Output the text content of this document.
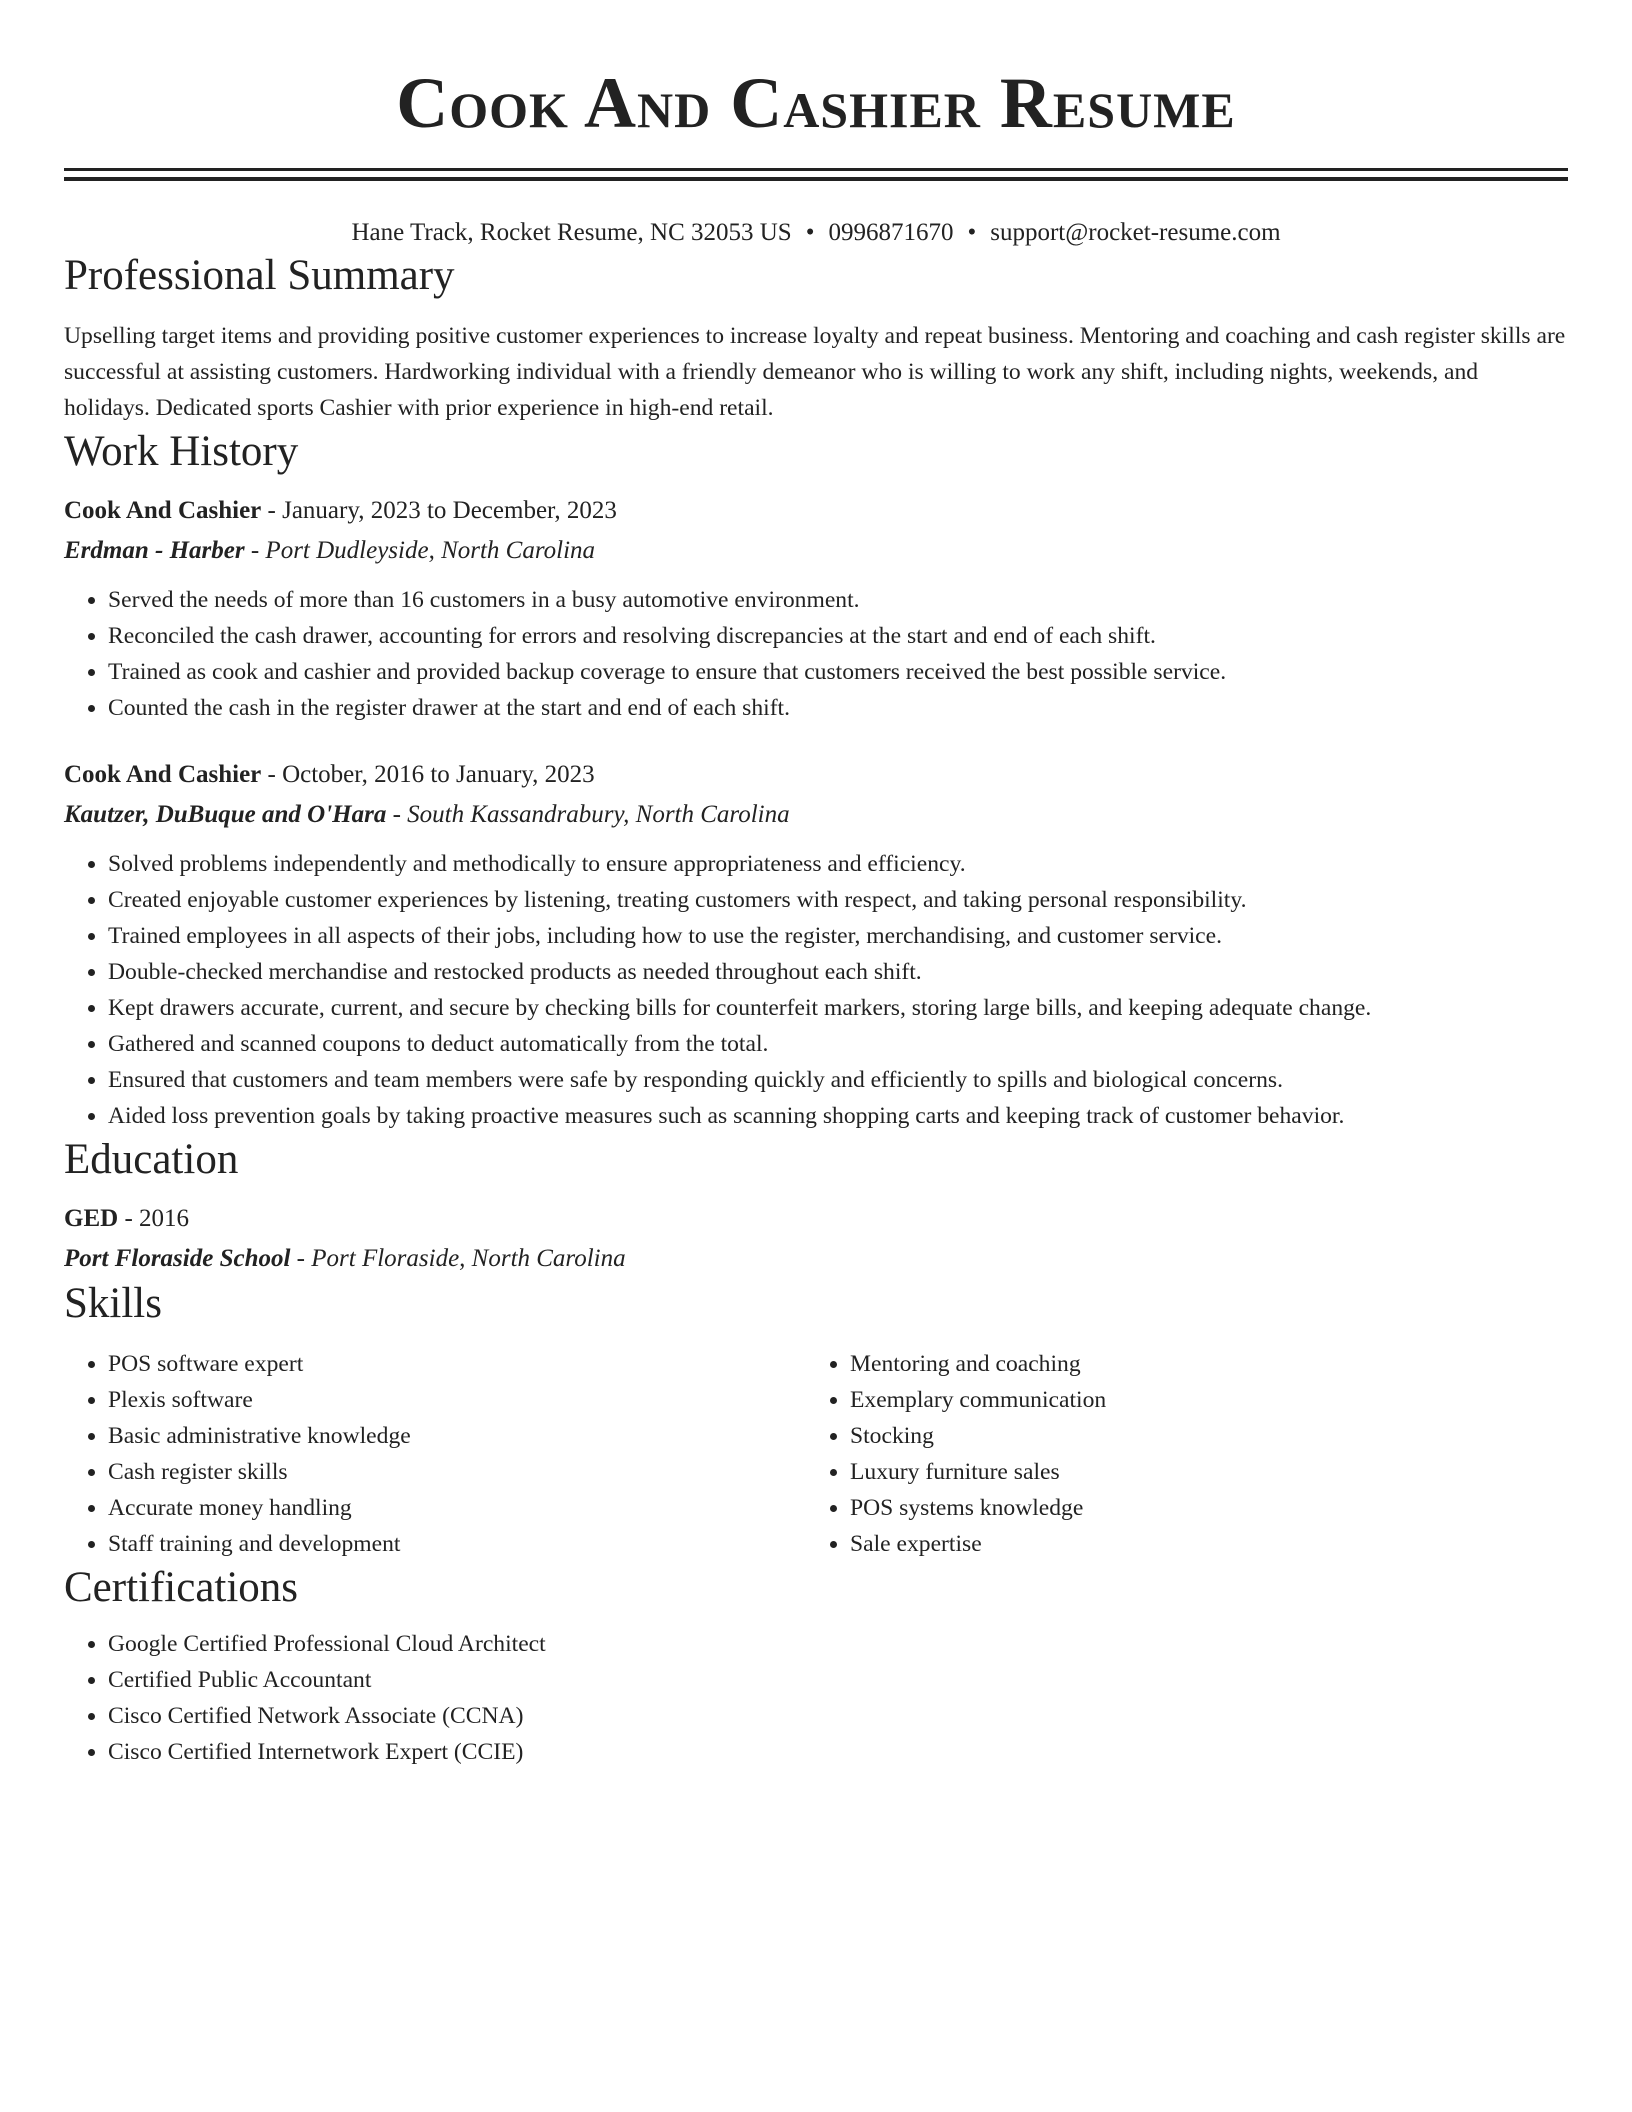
Cook And Cashier Resume
Hane Track, Rocket Resume, NC 32053 US • 0996871670 • support@rocket-resume.com
Professional Summary

Upselling target items and providing positive customer experiences to increase loyalty and repeat business. Mentoring and coaching and cash register skills are successful at assisting customers. Hardworking individual with a friendly demeanor who is willing to work any shift, including nights, weekends, and holidays. Dedicated sports Cashier with prior experience in high-end retail.

Work History
Cook And Cashier - January, 2023 to December, 2023
Erdman - Harber - Port Dudleyside, North Carolina
• Served the needs of more than 16 customers in a busy automotive environment.
• Reconciled the cash drawer, accounting for errors and resolving discrepancies at the start and end of each shift.
• Trained as cook and cashier and provided backup coverage to ensure that customers received the best possible service.
• Counted the cash in the register drawer at the start and end of each shift.
Cook And Cashier - October, 2016 to January, 2023
Kautzer, DuBuque and O'Hara - South Kassandrabury, North Carolina
• Solved problems independently and methodically to ensure appropriateness and efficiency.
• Created enjoyable customer experiences by listening, treating customers with respect, and taking personal responsibility.
• Trained employees in all aspects of their jobs, including how to use the register, merchandising, and customer service.
• Double-checked merchandise and restocked products as needed throughout each shift.
• Kept drawers accurate, current, and secure by checking bills for counterfeit markers, storing large bills, and keeping adequate change.
• Gathered and scanned coupons to deduct automatically from the total.
• Ensured that customers and team members were safe by responding quickly and efficiently to spills and biological concerns.
• Aided loss prevention goals by taking proactive measures such as scanning shopping carts and keeping track of customer behavior.
Education
GED - 2016
Port Floraside School - Port Floraside, North Carolina
Skills
• POS software expert
• Plexis software
• Basic administrative knowledge
• Cash register skills
• Accurate money handling
• Staff training and development
• Mentoring and coaching
• Exemplary communication
• Stocking
• Luxury furniture sales
• POS systems knowledge
• Sale expertise
Certifications
• Google Certified Professional Cloud Architect
• Certified Public Accountant
• Cisco Certified Network Associate (CCNA)
• Cisco Certified Internetwork Expert (CCIE)
